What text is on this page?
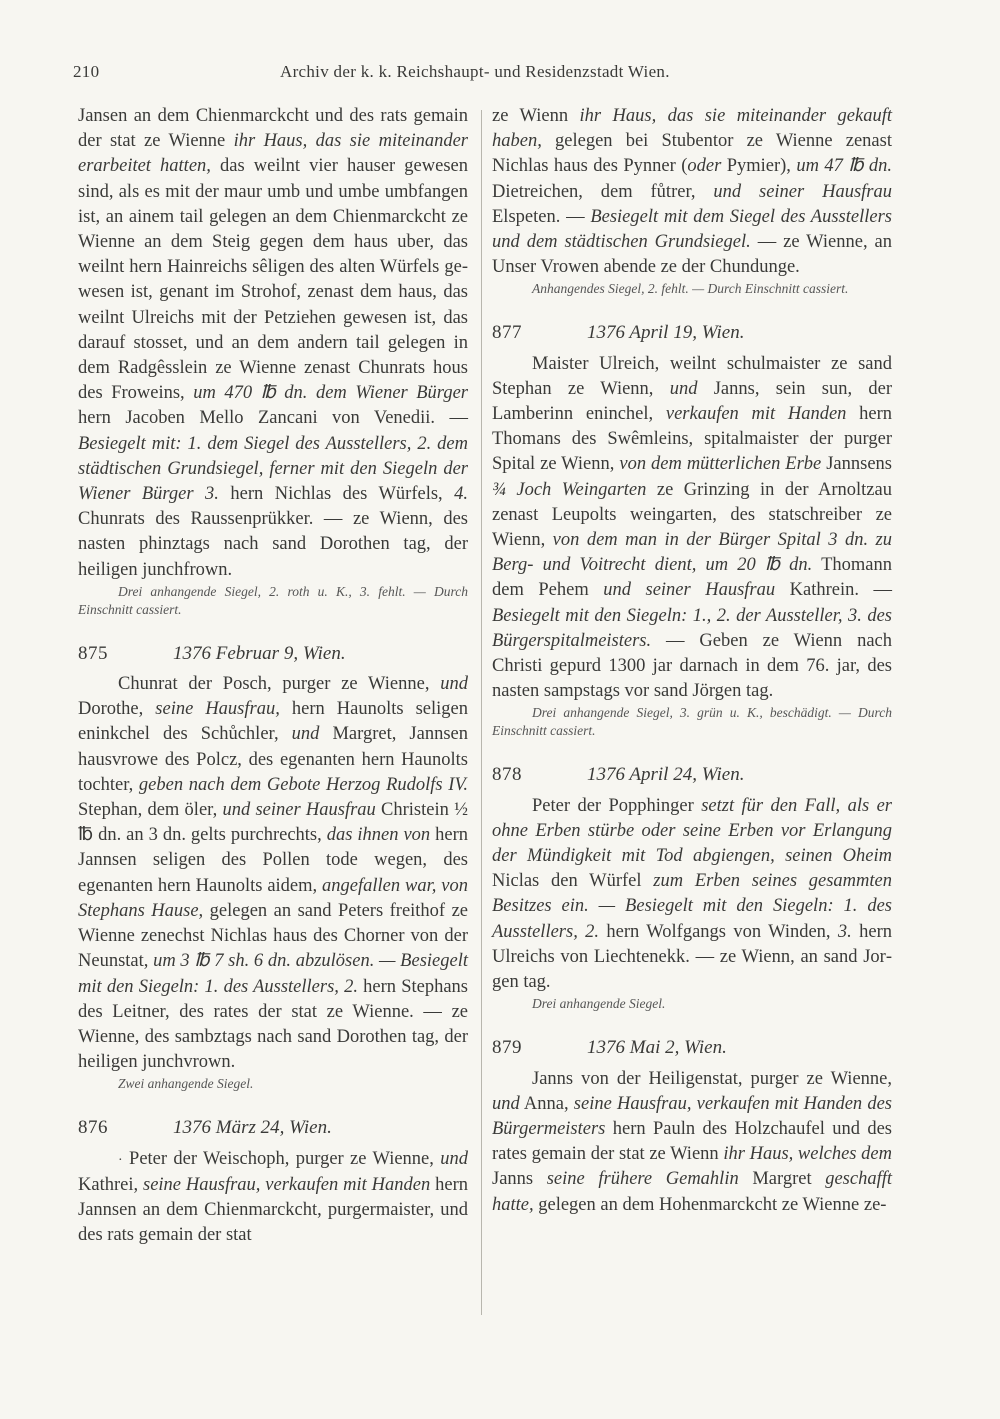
210	Archiv der k. k. Reichshaupt- und Residenzstadt Wien.

Jansen an dem Chienmarckcht und des rats gemain der stat ze Wienne ihr Haus, das sie miteinander erarbeitet hatten, das weilnt vier hauser gewesen sind, als es mit der maur umb und umbe umbfangen ist, an ainem tail gelegen an dem Chienmarckcht ze Wienne an dem Steig gegen dem haus uber, das weilnt hern Hainreichs sêligen des alten Würfels gewesen ist, genant im Strohof, zenast dem haus, das weilnt Ulreichs mit der Petziehen gewesen ist, das darauf stosset, und an dem andern tail gelegen in dem Radgêsslein ze Wienne zenast Chunrats hous des Froweins, um 470 ℔ dn. dem Wiener Bürger hern Jacoben Mello Zancani von Venedii. — Besiegelt mit: 1. dem Siegel des Ausstellers, 2. dem städtischen Grundsiegel, ferner mit den Siegeln der Wiener Bürger 3. hern Nichlas des Würfels, 4. Chunrats des Raussenprükker. — ze Wienn, des nasten phinztags nach sand Dorothen tag, der heiligen junchfrown.

Drei anhangende Siegel, 2. roth u. K., 3. fehlt. — Durch Einschnitt cassiert.

875	1376 Februar 9, Wien.

Chunrat der Posch, purger ze Wienne, und Dorothe, seine Hausfrau, hern Haunolts seligen eninkchel des Schůchler, und Margret, Jannsen hausvrowe des Polcz, des egenanten hern Haunolts tochter, geben nach dem Gebote Herzog Rudolfs IV. Stephan, dem öler, und seiner Hausfrau Christein ½ ℔ dn. an 3 dn. gelts purchrechts, das ihnen von hern Jannsen seligen des Pollen tode wegen, des egenanten hern Haunolts aidem, angefallen war, von Stephans Hause, gelegen an sand Peters freithof ze Wienne zenechst Nichlas haus des Chorner von der Neunstat, um 3 ℔ 7 sh. 6 dn. abzulösen. — Besiegelt mit den Siegeln: 1. des Ausstellers, 2. hern Stephans des Leitner, des rates der stat ze Wienne. — ze Wienne, des sambztags nach sand Dorothen tag, der heiligen junchvrown.

Zwei anhangende Siegel.

876	1376 März 24, Wien.

· Peter der Weischoph, purger ze Wienne, und Kathrei, seine Hausfrau, verkaufen mit Handen hern Jannsen an dem Chienmarckcht, purgermaister, und des rats gemain der stat

ze Wienn ihr Haus, das sie miteinander gekauft haben, gelegen bei Stubentor ze Wienne zenast Nichlas haus des Pynner (oder Pymier), um 47 ℔ dn. Dietreichen, dem fůtrer, und seiner Hausfrau Elspeten. — Besiegelt mit dem Siegel des Ausstellers und dem städtischen Grundsiegel. — ze Wienne, an Unser Vrowen abende ze der Chundunge.

Anhangendes Siegel, 2. fehlt. — Durch Einschnitt cassiert.

877	1376 April 19, Wien.

Maister Ulreich, weilnt schulmaister ze sand Stephan ze Wienn, und Janns, sein sun, der Lamberinn eninchel, verkaufen mit Handen hern Thomans des Swêmleins, spitalmaister der purger Spital ze Wienn, von dem mütterlichen Erbe Jannsens ¾ Joch Weingarten ze Grinzing in der Arnoltzau zenast Leupolts weingarten, des statschreiber ze Wienn, von dem man in der Bürger Spital 3 dn. zu Berg- und Voitrecht dient, um 20 ℔ dn. Thomann dem Pehem und seiner Hausfrau Kathrein. — Besiegelt mit den Siegeln: 1., 2. der Aussteller, 3. des Bürgerspitalmeisters. — Geben ze Wienn nach Christi gepurd 1300 jar darnach in dem 76. jar, des nasten sampstags vor sand Jörgen tag.

Drei anhangende Siegel, 3. grün u. K., beschädigt. — Durch Einschnitt cassiert.

878	1376 April 24, Wien.

Peter der Popphinger setzt für den Fall, als er ohne Erben stürbe oder seine Erben vor Erlangung der Mündigkeit mit Tod abgiengen, seinen Oheim Niclas den Würfel zum Erben seines gesammten Besitzes ein. — Besiegelt mit den Siegeln: 1. des Ausstellers, 2. hern Wolfgangs von Winden, 3. hern Ulreichs von Liechtenekk. — ze Wienn, an sand Jorgen tag.

Drei anhangende Siegel.

879	1376 Mai 2, Wien.

Janns von der Heiligenstat, purger ze Wienne, und Anna, seine Hausfrau, verkaufen mit Handen des Bürgermeisters hern Pauln des Holzchaufel und des rates gemain der stat ze Wienn ihr Haus, welches dem Janns seine frühere Gemahlin Margret geschafft hatte, gelegen an dem Hohenmarckcht ze Wienne ze-
